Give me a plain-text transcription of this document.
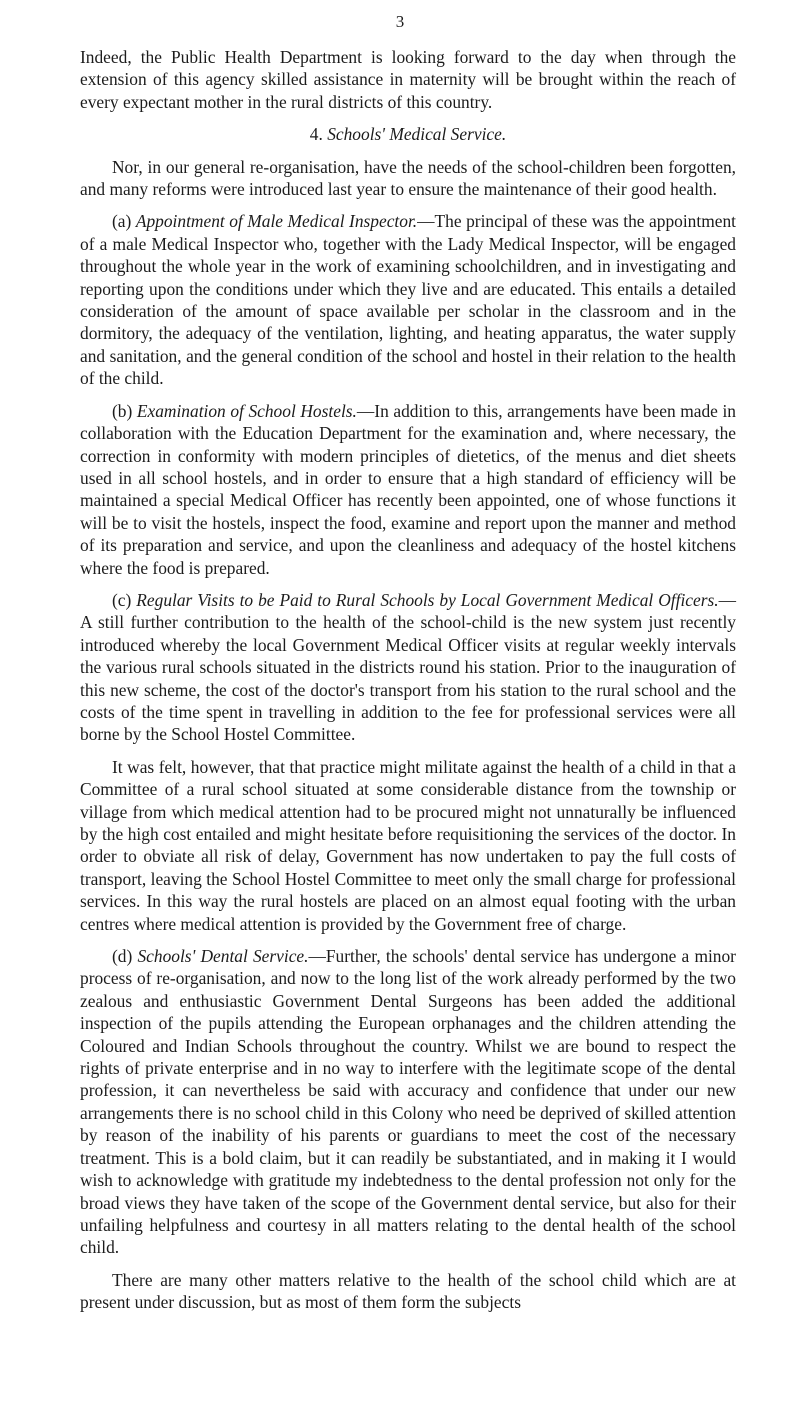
3

Indeed, the Public Health Department is looking forward to the day when through the extension of this agency skilled assistance in maternity will be brought within the reach of every expectant mother in the rural districts of this country.

4. Schools' Medical Service.

Nor, in our general re-organisation, have the needs of the school-children been forgotten, and many reforms were introduced last year to ensure the maintenance of their good health.

(a) Appointment of Male Medical Inspector.—The principal of these was the appointment of a male Medical Inspector who, together with the Lady Medical Inspector, will be engaged throughout the whole year in the work of examining schoolchildren, and in investigating and reporting upon the conditions under which they live and are educated. This entails a detailed consideration of the amount of space available per scholar in the classroom and in the dormitory, the adequacy of the ventilation, lighting, and heating apparatus, the water supply and sanitation, and the general condition of the school and hostel in their relation to the health of the child.

(b) Examination of School Hostels.—In addition to this, arrangements have been made in collaboration with the Education Department for the examination and, where necessary, the correction in conformity with modern principles of dietetics, of the menus and diet sheets used in all school hostels, and in order to ensure that a high standard of efficiency will be maintained a special Medical Officer has recently been appointed, one of whose functions it will be to visit the hostels, inspect the food, examine and report upon the manner and method of its preparation and service, and upon the cleanliness and adequacy of the hostel kitchens where the food is prepared.

(c) Regular Visits to be Paid to Rural Schools by Local Government Medical Officers.—A still further contribution to the health of the school-child is the new system just recently introduced whereby the local Government Medical Officer visits at regular weekly intervals the various rural schools situated in the districts round his station. Prior to the inauguration of this new scheme, the cost of the doctor's transport from his station to the rural school and the costs of the time spent in travelling in addition to the fee for professional services were all borne by the School Hostel Committee.

It was felt, however, that that practice might militate against the health of a child in that a Committee of a rural school situated at some considerable distance from the township or village from which medical attention had to be procured might not unnaturally be influenced by the high cost entailed and might hesitate before requisitioning the services of the doctor. In order to obviate all risk of delay, Government has now undertaken to pay the full costs of transport, leaving the School Hostel Committee to meet only the small charge for professional services. In this way the rural hostels are placed on an almost equal footing with the urban centres where medical attention is provided by the Government free of charge.

(d) Schools' Dental Service.—Further, the schools' dental service has undergone a minor process of re-organisation, and now to the long list of the work already performed by the two zealous and enthusiastic Government Dental Surgeons has been added the additional inspection of the pupils attending the European orphanages and the children attending the Coloured and Indian Schools throughout the country. Whilst we are bound to respect the rights of private enterprise and in no way to interfere with the legitimate scope of the dental profession, it can nevertheless be said with accuracy and confidence that under our new arrangements there is no school child in this Colony who need be deprived of skilled attention by reason of the inability of his parents or guardians to meet the cost of the necessary treatment. This is a bold claim, but it can readily be substantiated, and in making it I would wish to acknowledge with gratitude my indebtedness to the dental profession not only for the broad views they have taken of the scope of the Government dental service, but also for their unfailing helpfulness and courtesy in all matters relating to the dental health of the school child.

There are many other matters relative to the health of the school child which are at present under discussion, but as most of them form the subjects
